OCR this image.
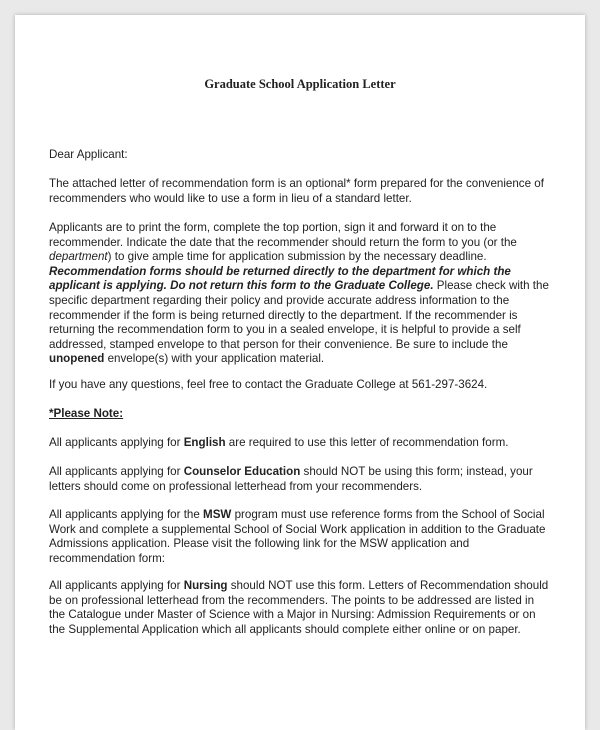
Graduate School Application Letter

Dear Applicant:

The attached letter of recommendation form is an optional* form prepared for the convenience of recommenders who would like to use a form in lieu of a standard letter.

Applicants are to print the form, complete the top portion, sign it and forward it on to the recommender. Indicate the date that the recommender should return the form to you (or the department) to give ample time for application submission by the necessary deadline. Recommendation forms should be returned directly to the department for which the applicant is applying. Do not return this form to the Graduate College. Please check with the specific department regarding their policy and provide accurate address information to the recommender if the form is being returned directly to the department. If the recommender is returning the recommendation form to you in a sealed envelope, it is helpful to provide a self addressed, stamped envelope to that person for their convenience. Be sure to include the unopened envelope(s) with your application material.

If you have any questions, feel free to contact the Graduate College at 561-297-3624.

*Please Note:

All applicants applying for English are required to use this letter of recommendation form.

All applicants applying for Counselor Education should NOT be using this form; instead, your letters should come on professional letterhead from your recommenders.

All applicants applying for the MSW program must use reference forms from the School of Social Work and complete a supplemental School of Social Work application in addition to the Graduate Admissions application. Please visit the following link for the MSW application and recommendation form:

All applicants applying for Nursing should NOT use this form. Letters of Recommendation should be on professional letterhead from the recommenders. The points to be addressed are listed in the Catalogue under Master of Science with a Major in Nursing: Admission Requirements or on the Supplemental Application which all applicants should complete either online or on paper.
